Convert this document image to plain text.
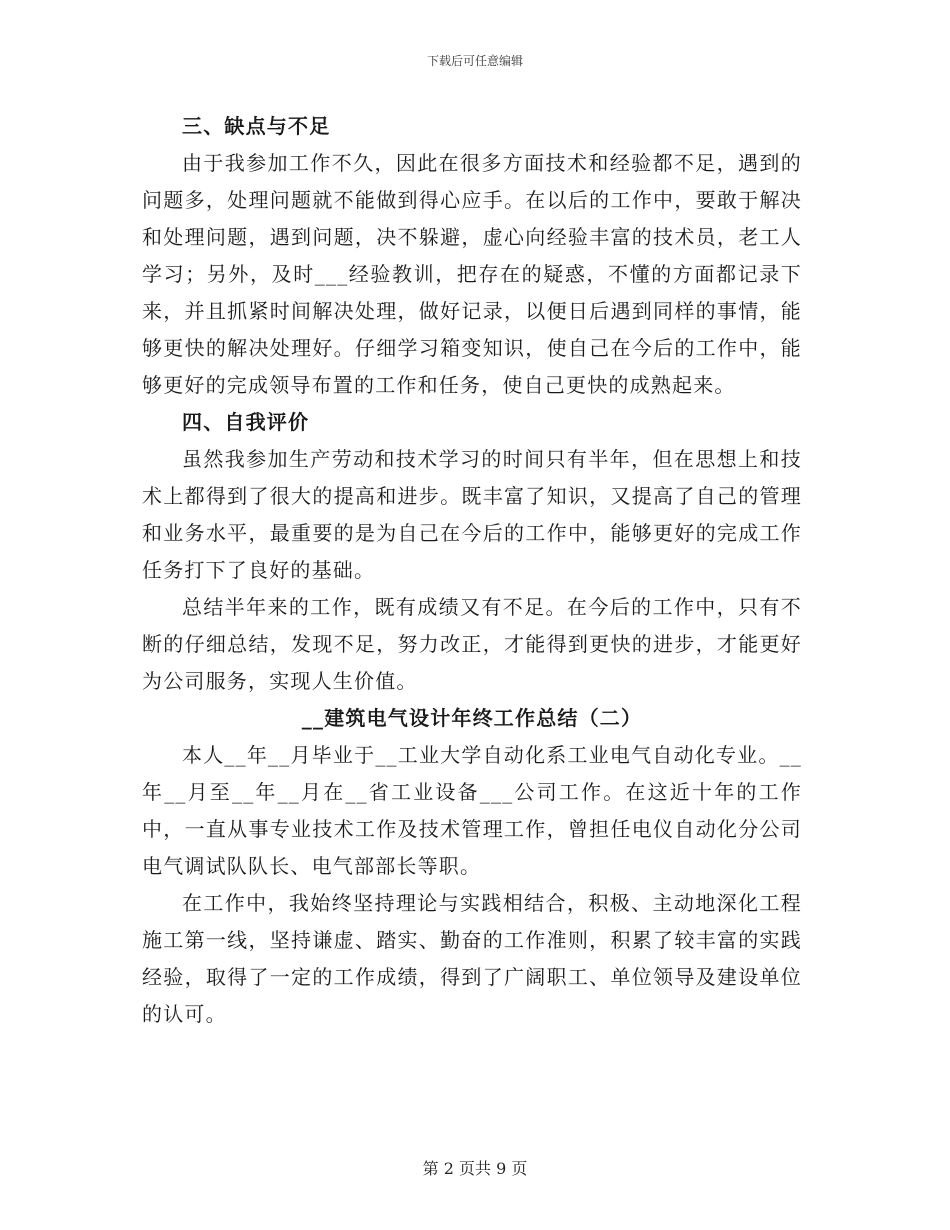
下载后可任意编辑
三、缺点与不足

由于我参加工作不久，因此在很多方面技术和经验都不足，遇到的问题多，处理问题就不能做到得心应手。在以后的工作中，要敢于解决和处理问题，遇到问题，决不躲避，虚心向经验丰富的技术员，老工人学习；另外，及时___经验教训，把存在的疑惑，不懂的方面都记录下来，并且抓紧时间解决处理，做好记录，以便日后遇到同样的事情，能够更快的解决处理好。仔细学习箱变知识，使自己在今后的工作中，能够更好的完成领导布置的工作和任务，使自己更快的成熟起来。

四、自我评价

虽然我参加生产劳动和技术学习的时间只有半年，但在思想上和技术上都得到了很大的提高和进步。既丰富了知识，又提高了自己的管理和业务水平，最重要的是为自己在今后的工作中，能够更好的完成工作任务打下了良好的基础。

总结半年来的工作，既有成绩又有不足。在今后的工作中，只有不断的仔细总结，发现不足，努力改正，才能得到更快的进步，才能更好为公司服务，实现人生价值。

__建筑电气设计年终工作总结（二）

本人__年__月毕业于__工业大学自动化系工业电气自动化专业。__年__月至__年__月在__省工业设备___公司工作。在这近十年的工作中，一直从事专业技术工作及技术管理工作，曾担任电仪自动化分公司电气调试队队长、电气部部长等职。

在工作中，我始终坚持理论与实践相结合，积极、主动地深化工程施工第一线，坚持谦虚、踏实、勤奋的工作准则，积累了较丰富的实践经验，取得了一定的工作成绩，得到了广阔职工、单位领导及建设单位的认可。

第 2 页共 9 页
